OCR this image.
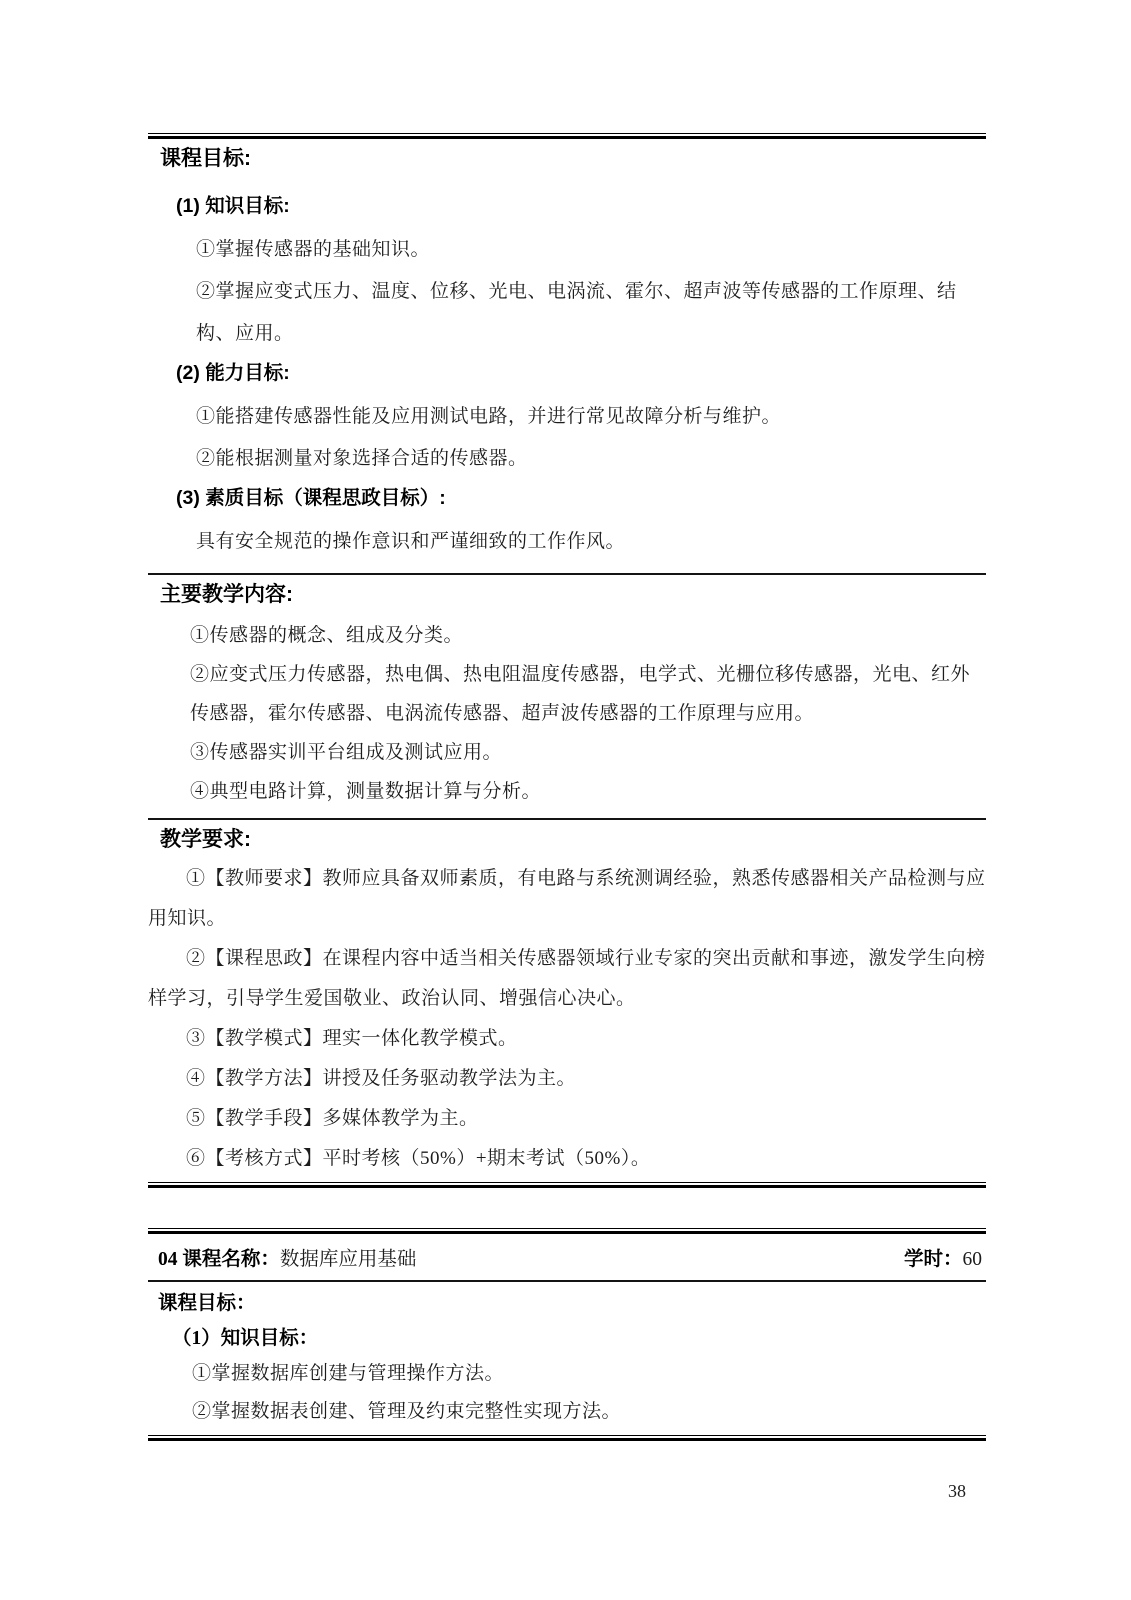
课程目标:
(1) 知识目标:

①掌握传感器的基础知识。

②掌握应变式压力、温度、位移、光电、电涡流、霍尔、超声波等传感器的工作原理、结构、应用。

(2) 能力目标:

①能搭建传感器性能及应用测试电路，并进行常见故障分析与维护。

②能根据测量对象选择合适的传感器。

(3) 素质目标（课程思政目标）:

具有安全规范的操作意识和严谨细致的工作作风。

主要教学内容:

①传感器的概念、组成及分类。

②应变式压力传感器，热电偶、热电阻温度传感器，电学式、光栅位移传感器，光电、红外传感器，霍尔传感器、电涡流传感器、超声波传感器的工作原理与应用。

③传感器实训平台组成及测试应用。

④典型电路计算，测量数据计算与分析。

教学要求:

①【教师要求】教师应具备双师素质，有电路与系统测调经验，熟悉传感器相关产品检测与应用知识。

②【课程思政】在课程内容中适当相关传感器领域行业专家的突出贡献和事迹，激发学生向榜样学习，引导学生爱国敬业、政治认同、增强信心决心。

③【教学模式】理实一体化教学模式。

④【教学方法】讲授及任务驱动教学法为主。

⑤【教学手段】多媒体教学为主。

⑥【考核方式】平时考核（50%）+期末考试（50%）。

04 课程名称：数据库应用基础	学时：60
课程目标：
（1）知识目标：

①掌握数据库创建与管理操作方法。

②掌握数据表创建、管理及约束完整性实现方法。

38
